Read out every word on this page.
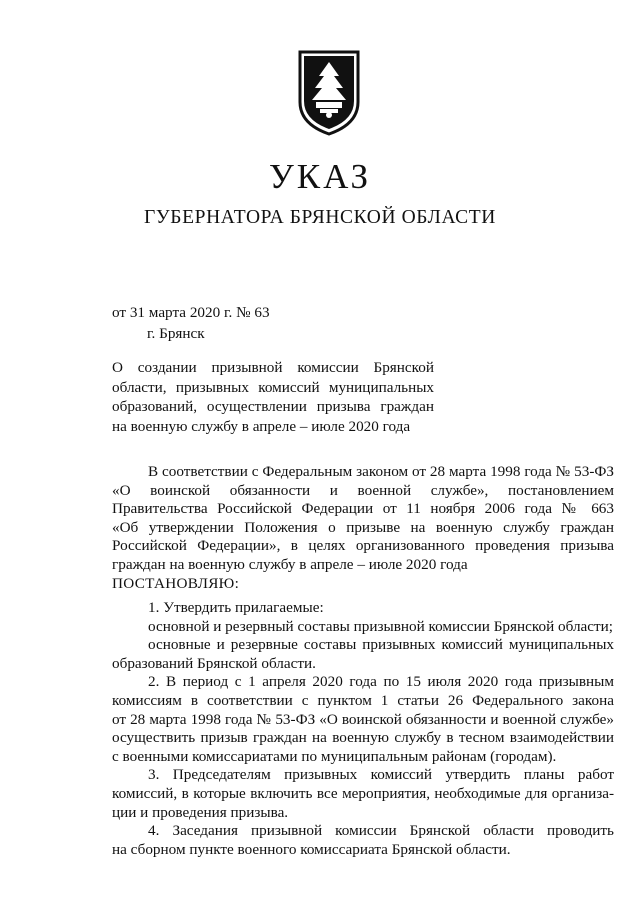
УКАЗ
ГУБЕРНАТОРА БРЯНСКОЙ ОБЛАСТИ
от 31 марта 2020 г. № 63
г. Брянск
О создании призывной комиссии Брянской
области, призывных комиссий муниципальных
образований, осуществлении призыва граждан
на военную службу в апреле – июле 2020 года
В соответствии с Федеральным законом от 28 марта 1998 года № 53-ФЗ
«О воинской обязанности и военной службе», постановлением
Правительства Российской Федерации от 11 ноября 2006 года № 663
«Об утверждении Положения о призыве на военную службу граждан
Российской Федерации», в целях организованного проведения призыва
граждан на военную службу в апреле – июле 2020 года
ПОСТАНОВЛЯЮ:
1. Утвердить прилагаемые:
основной и резервный составы призывной комиссии Брянской области;
основные и резервные составы призывных комиссий муниципальных
образований Брянской области.
2. В период с 1 апреля 2020 года по 15 июля 2020 года призывным
комиссиям в соответствии с пунктом 1 статьи 26 Федерального закона
от 28 марта 1998 года № 53-ФЗ «О воинской обязанности и военной службе»
осуществить призыв граждан на военную службу в тесном взаимодействии
с военными комиссариатами по муниципальным районам (городам).
3. Председателям призывных комиссий утвердить планы работ
комиссий, в которые включить все мероприятия, необходимые для организа-
ции и проведения призыва.
4. Заседания призывной комиссии Брянской области проводить
на сборном пункте военного комиссариата Брянской области.
